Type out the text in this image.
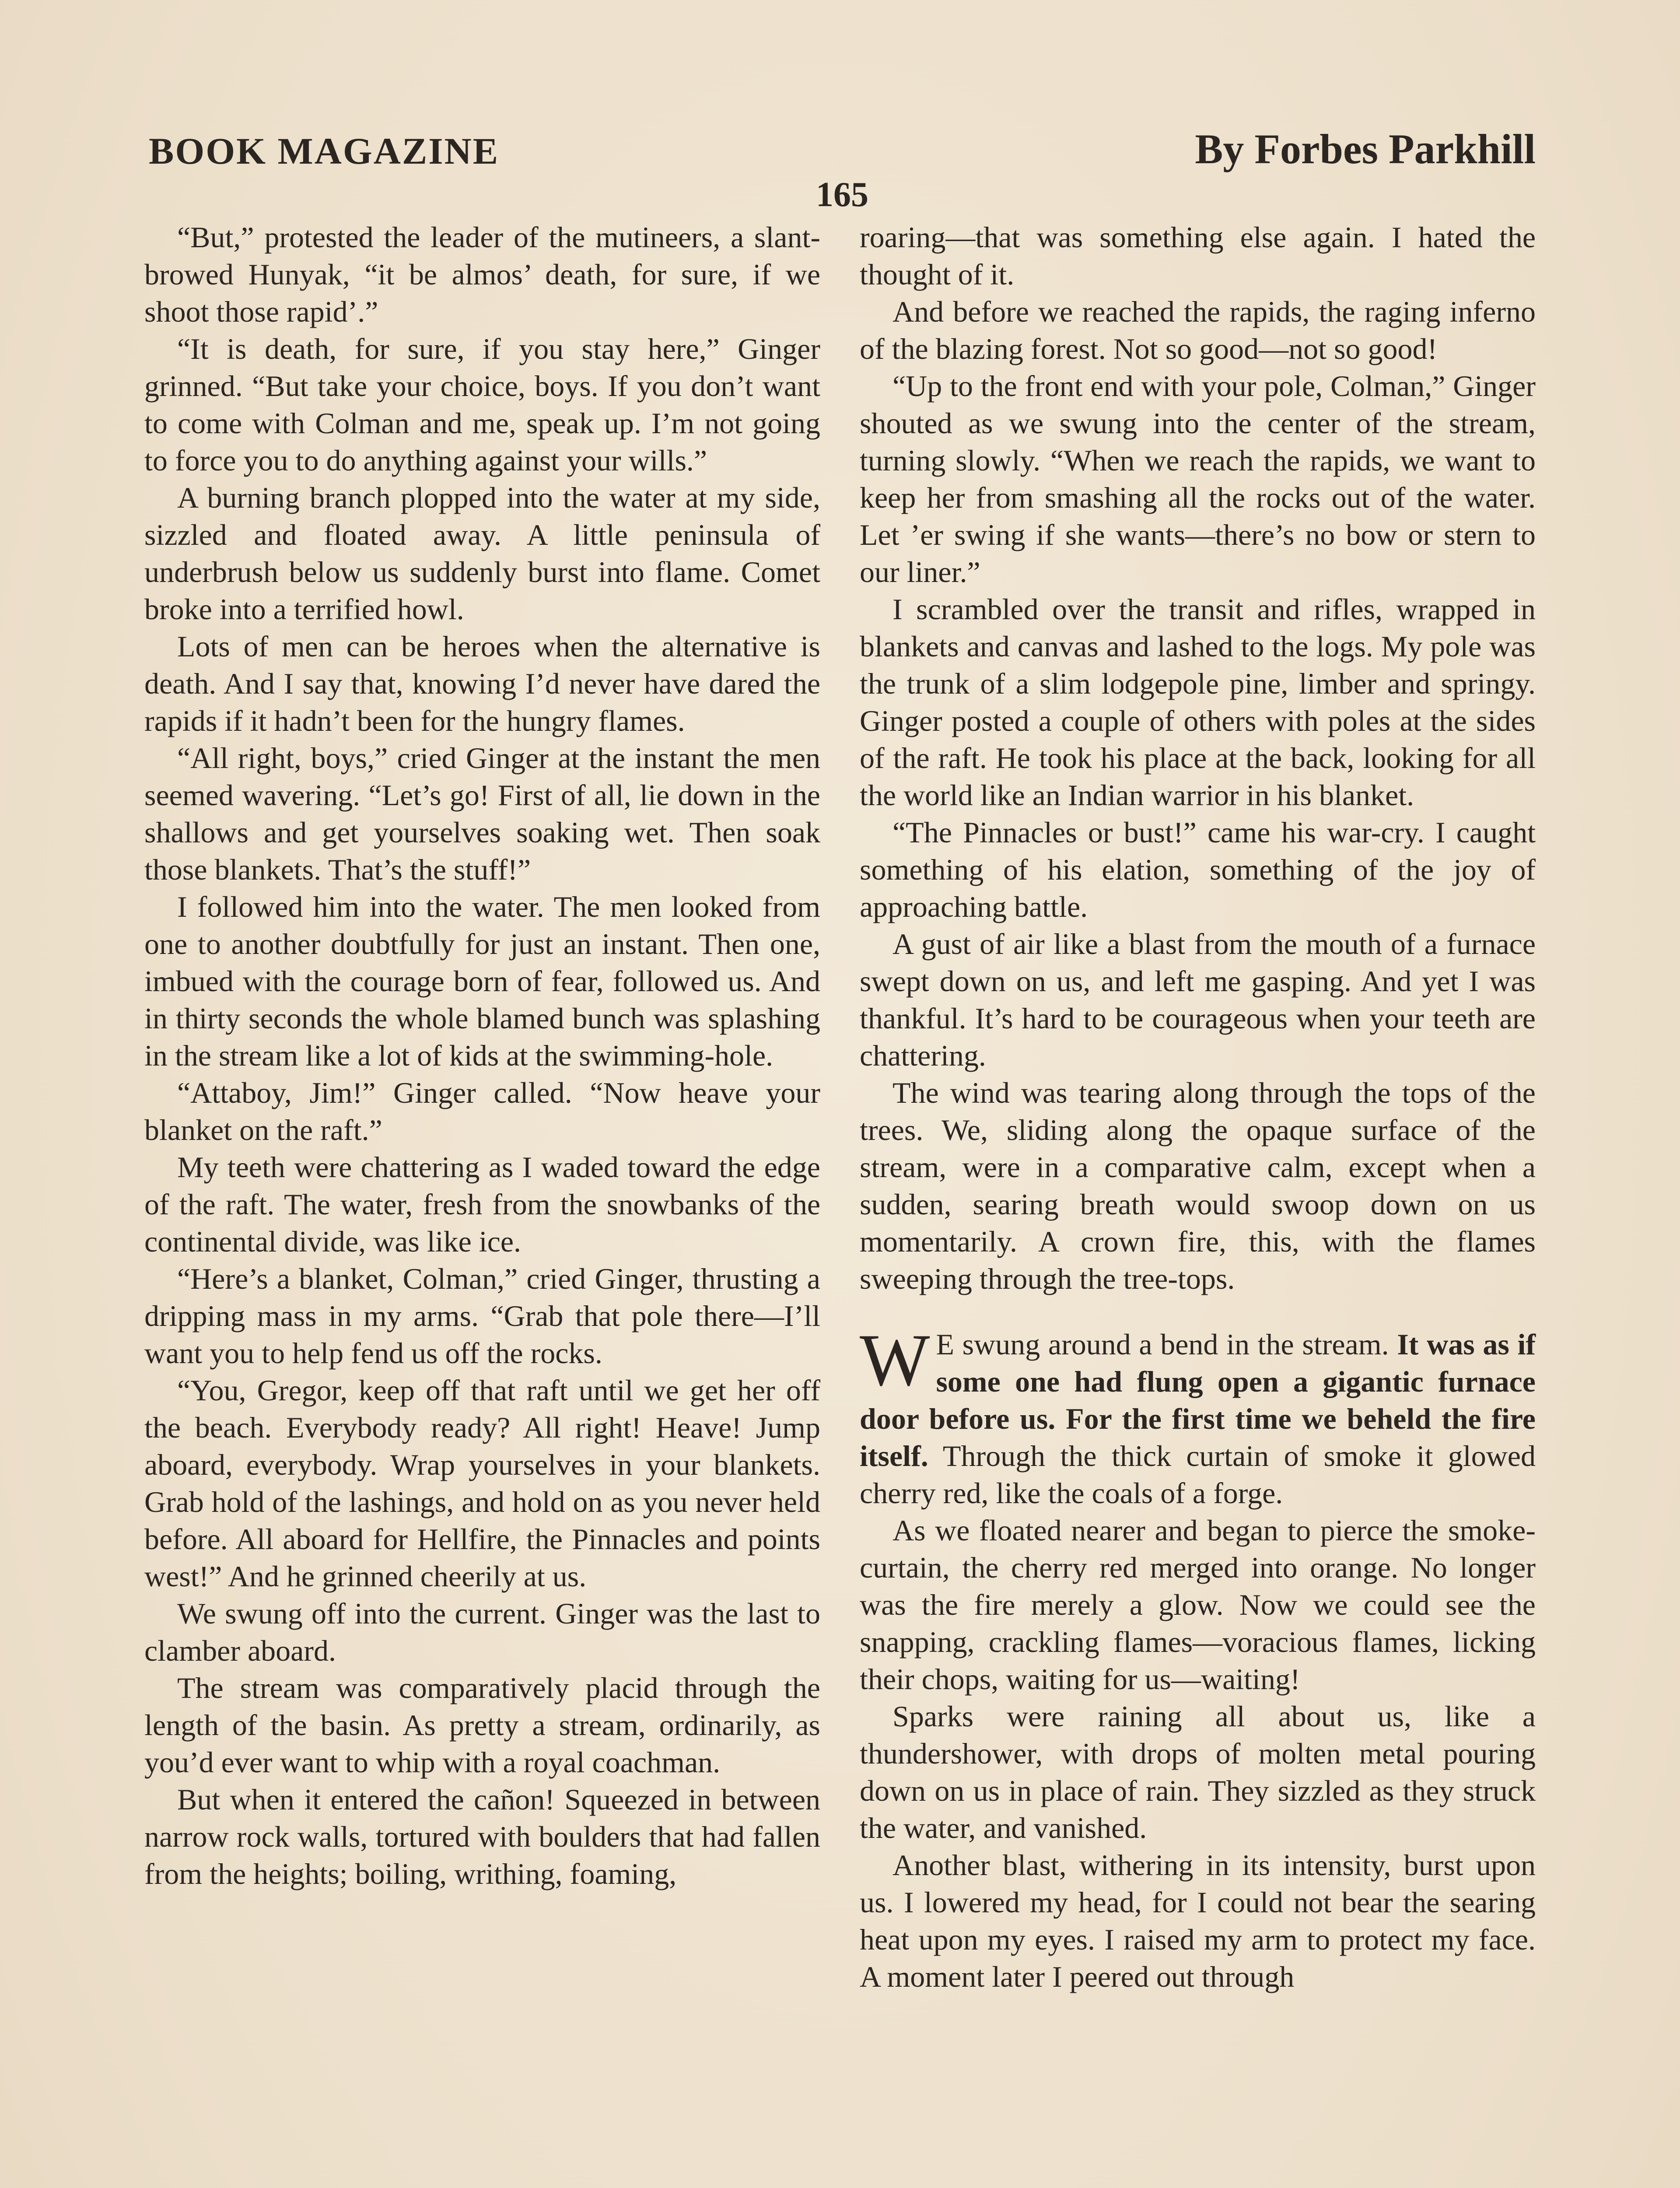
BOOK MAGAZINE	By Forbes Parkhill
165

“But,” protested the leader of the mutineers, a slant-browed Hunyak, “it be almos’ death, for sure, if we shoot those rapid’.”

“It is death, for sure, if you stay here,” Ginger grinned. “But take your choice, boys. If you don’t want to come with Colman and me, speak up. I’m not going to force you to do anything against your wills.”

A burning branch plopped into the water at my side, sizzled and floated away. A little peninsula of underbrush below us suddenly burst into flame. Comet broke into a terrified howl.

Lots of men can be heroes when the alternative is death. And I say that, knowing I’d never have dared the rapids if it hadn’t been for the hungry flames.

“All right, boys,” cried Ginger at the instant the men seemed wavering. “Let’s go! First of all, lie down in the shallows and get yourselves soaking wet. Then soak those blankets. That’s the stuff!”

I followed him into the water. The men looked from one to another doubtfully for just an instant. Then one, imbued with the courage born of fear, followed us. And in thirty seconds the whole blamed bunch was splashing in the stream like a lot of kids at the swimming-hole.

“Attaboy, Jim!” Ginger called. “Now heave your blanket on the raft.”

My teeth were chattering as I waded toward the edge of the raft. The water, fresh from the snowbanks of the continental divide, was like ice.

“Here’s a blanket, Colman,” cried Ginger, thrusting a dripping mass in my arms. “Grab that pole there—I’ll want you to help fend us off the rocks.

“You, Gregor, keep off that raft until we get her off the beach. Everybody ready? All right! Heave! Jump aboard, everybody. Wrap yourselves in your blankets. Grab hold of the lashings, and hold on as you never held before. All aboard for Hellfire, the Pinnacles and points west!” And he grinned cheerily at us.

We swung off into the current. Ginger was the last to clamber aboard.

The stream was comparatively placid through the length of the basin. As pretty a stream, ordinarily, as you’d ever want to whip with a royal coachman.

But when it entered the cañon! Squeezed in between narrow rock walls, tortured with boulders that had fallen from the heights; boiling, writhing, foaming,

roaring—that was something else again. I hated the thought of it.

And before we reached the rapids, the raging inferno of the blazing forest. Not so good—not so good!

“Up to the front end with your pole, Colman,” Ginger shouted as we swung into the center of the stream, turning slowly. “When we reach the rapids, we want to keep her from smashing all the rocks out of the water. Let ’er swing if she wants—there’s no bow or stern to our liner.”

I scrambled over the transit and rifles, wrapped in blankets and canvas and lashed to the logs. My pole was the trunk of a slim lodgepole pine, limber and springy. Ginger posted a couple of others with poles at the sides of the raft. He took his place at the back, looking for all the world like an Indian warrior in his blanket.

“The Pinnacles or bust!” came his war-cry. I caught something of his elation, something of the joy of approaching battle.

A gust of air like a blast from the mouth of a furnace swept down on us, and left me gasping. And yet I was thankful. It’s hard to be courageous when your teeth are chattering.

The wind was tearing along through the tops of the trees. We, sliding along the opaque surface of the stream, were in a comparative calm, except when a sudden, searing breath would swoop down on us momentarily. A crown fire, this, with the flames sweeping through the tree-tops.

W E swung around a bend in the stream. It was as if some one had flung open a gigantic furnace door before us. For the first time we beheld the fire itself. Through the thick curtain of smoke it glowed cherry red, like the coals of a forge.

As we floated nearer and began to pierce the smoke-curtain, the cherry red merged into orange. No longer was the fire merely a glow. Now we could see the snapping, crackling flames—voracious flames, licking their chops, waiting for us—waiting!

Sparks were raining all about us, like a thundershower, with drops of molten metal pouring down on us in place of rain. They sizzled as they struck the water, and vanished.

Another blast, withering in its intensity, burst upon us. I lowered my head, for I could not bear the searing heat upon my eyes. I raised my arm to protect my face. A moment later I peered out through
